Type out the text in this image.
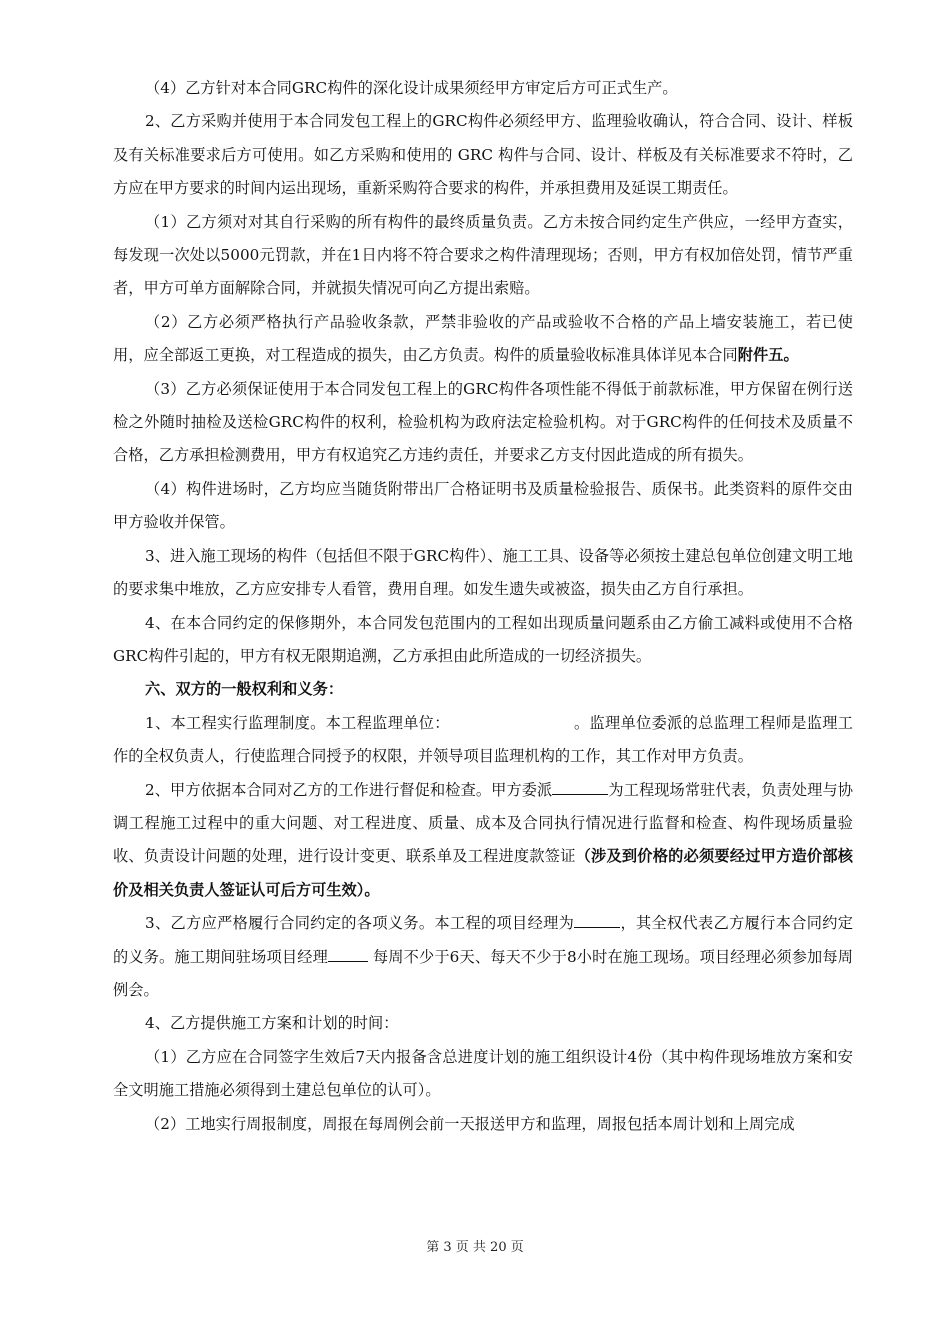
（4）乙方针对本合同GRC构件的深化设计成果须经甲方审定后方可正式生产。

2、乙方采购并使用于本合同发包工程上的GRC构件必须经甲方、监理验收确认，符合合同、设计、样板及有关标准要求后方可使用。如乙方采购和使用的 GRC 构件与合同、设计、样板及有关标准要求不符时，乙方应在甲方要求的时间内运出现场，重新采购符合要求的构件，并承担费用及延误工期责任。

（1）乙方须对对其自行采购的所有构件的最终质量负责。乙方未按合同约定生产供应，一经甲方查实，每发现一次处以5000元罚款，并在1日内将不符合要求之构件清理现场；否则，甲方有权加倍处罚，情节严重者，甲方可单方面解除合同，并就损失情况可向乙方提出索赔。

（2）乙方必须严格执行产品验收条款，严禁非验收的产品或验收不合格的产品上墙安装施工，若已使用，应全部返工更换，对工程造成的损失，由乙方负责。构件的质量验收标准具体详见本合同附件五。

（3）乙方必须保证使用于本合同发包工程上的GRC构件各项性能不得低于前款标准，甲方保留在例行送检之外随时抽检及送检GRC构件的权利，检验机构为政府法定检验机构。对于GRC构件的任何技术及质量不合格，乙方承担检测费用，甲方有权追究乙方违约责任，并要求乙方支付因此造成的所有损失。

（4）构件进场时，乙方均应当随货附带出厂合格证明书及质量检验报告、质保书。此类资料的原件交由甲方验收并保管。

3、进入施工现场的构件（包括但不限于GRC构件）、施工工具、设备等必须按土建总包单位创建文明工地的要求集中堆放，乙方应安排专人看管，费用自理。如发生遗失或被盗，损失由乙方自行承担。

4、在本合同约定的保修期外，本合同发包范围内的工程如出现质量问题系由乙方偷工减料或使用不合格GRC构件引起的，甲方有权无限期追溯，乙方承担由此所造成的一切经济损失。

六、双方的一般权利和义务：

1、本工程实行监理制度。本工程监理单位：	。监理单位委派的总监理工程师是监理工作的全权负责人，行使监理合同授予的权限，并领导项目监理机构的工作，其工作对甲方负责。

2、甲方依据本合同对乙方的工作进行督促和检查。甲方委派	为工程现场常驻代表，负责处理与协调工程施工过程中的重大问题、对工程进度、质量、成本及合同执行情况进行监督和检查、构件现场质量验收、负责设计问题的处理，进行设计变更、联系单及工程进度款签证（涉及到价格的必须要经过甲方造价部核价及相关负责人签证认可后方可生效）。

3、乙方应严格履行合同约定的各项义务。本工程的项目经理为	，其全权代表乙方履行本合同约定的义务。施工期间驻场项目经理	每周不少于6天、每天不少于8小时在施工现场。项目经理必须参加每周例会。

4、乙方提供施工方案和计划的时间：

（1）乙方应在合同签字生效后7天内报备含总进度计划的施工组织设计4份（其中构件现场堆放方案和安全文明施工措施必须得到土建总包单位的认可）。

（2）工地实行周报制度，周报在每周例会前一天报送甲方和监理，周报包括本周计划和上周完成

第 3 页 共 20 页
